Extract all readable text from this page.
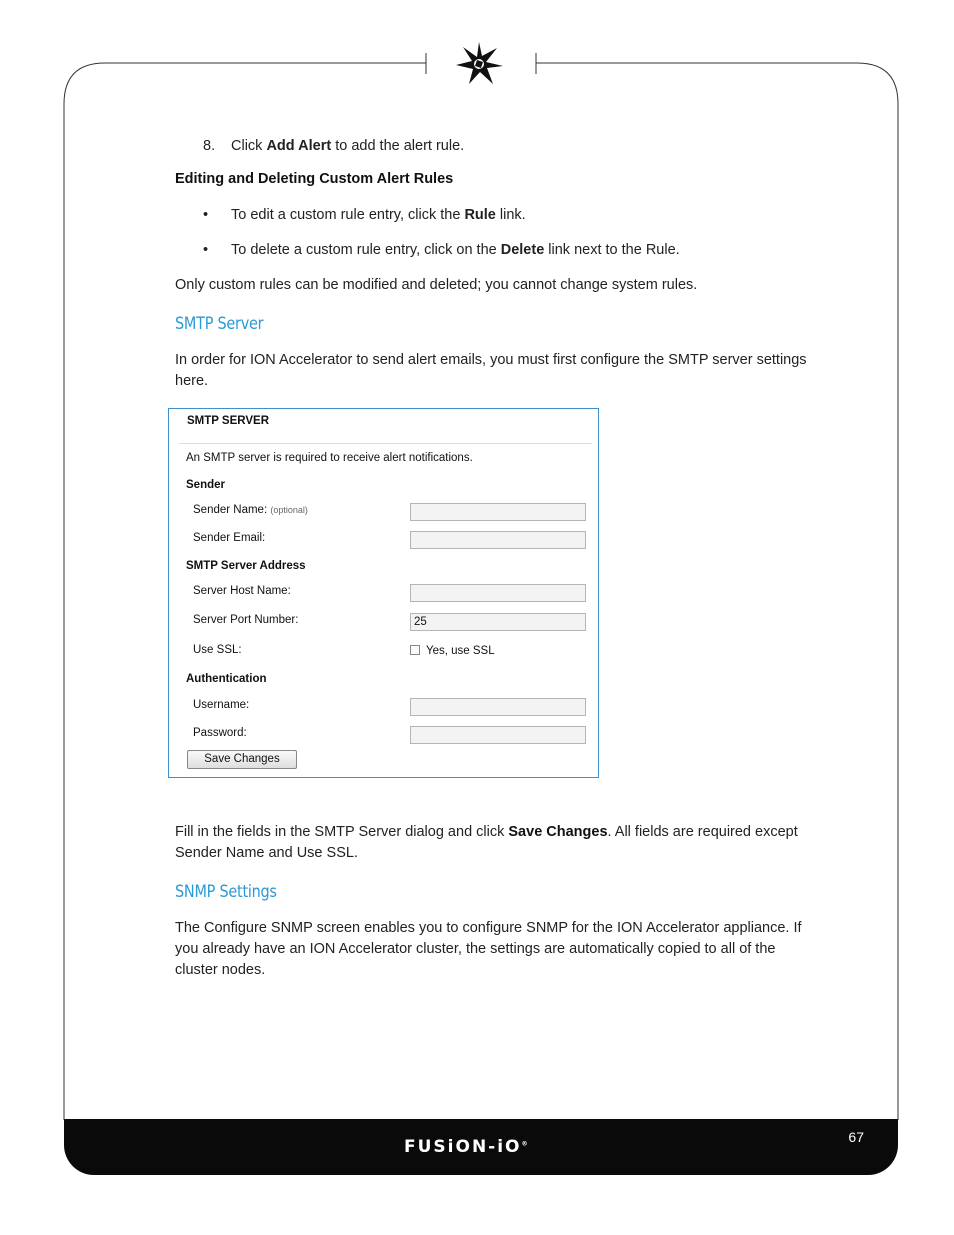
8. Click Add Alert to add the alert rule.
Editing and Deleting Custom Alert Rules
• To edit a custom rule entry, click the Rule link.
• To delete a custom rule entry, click on the Delete link next to the Rule.

Only custom rules can be modified and deleted; you cannot change system rules.

SMTP Server

In order for ION Accelerator to send alert emails, you must first configure the SMTP server settings

here.

Fill in the fields in the SMTP Server dialog and click Save Changes. All fields are required except

Sender Name and Use SSL.

SNMP Settings

The Configure SNMP screen enables you to configure SNMP for the ION Accelerator appliance. If

you already have an ION Accelerator cluster, the settings are automatically copied to all of the

cluster nodes.

SMTP SERVER
An SMTP server is required to receive alert notifications.
Sender
Sender Name: (optional)
Sender Email:
SMTP Server Address
Server Host Name:
Server Port Number:
25
Use SSL:	Yes, use SSL
Authentication
Username:
Password:
Save Changes
FUSiON-iO®	67
